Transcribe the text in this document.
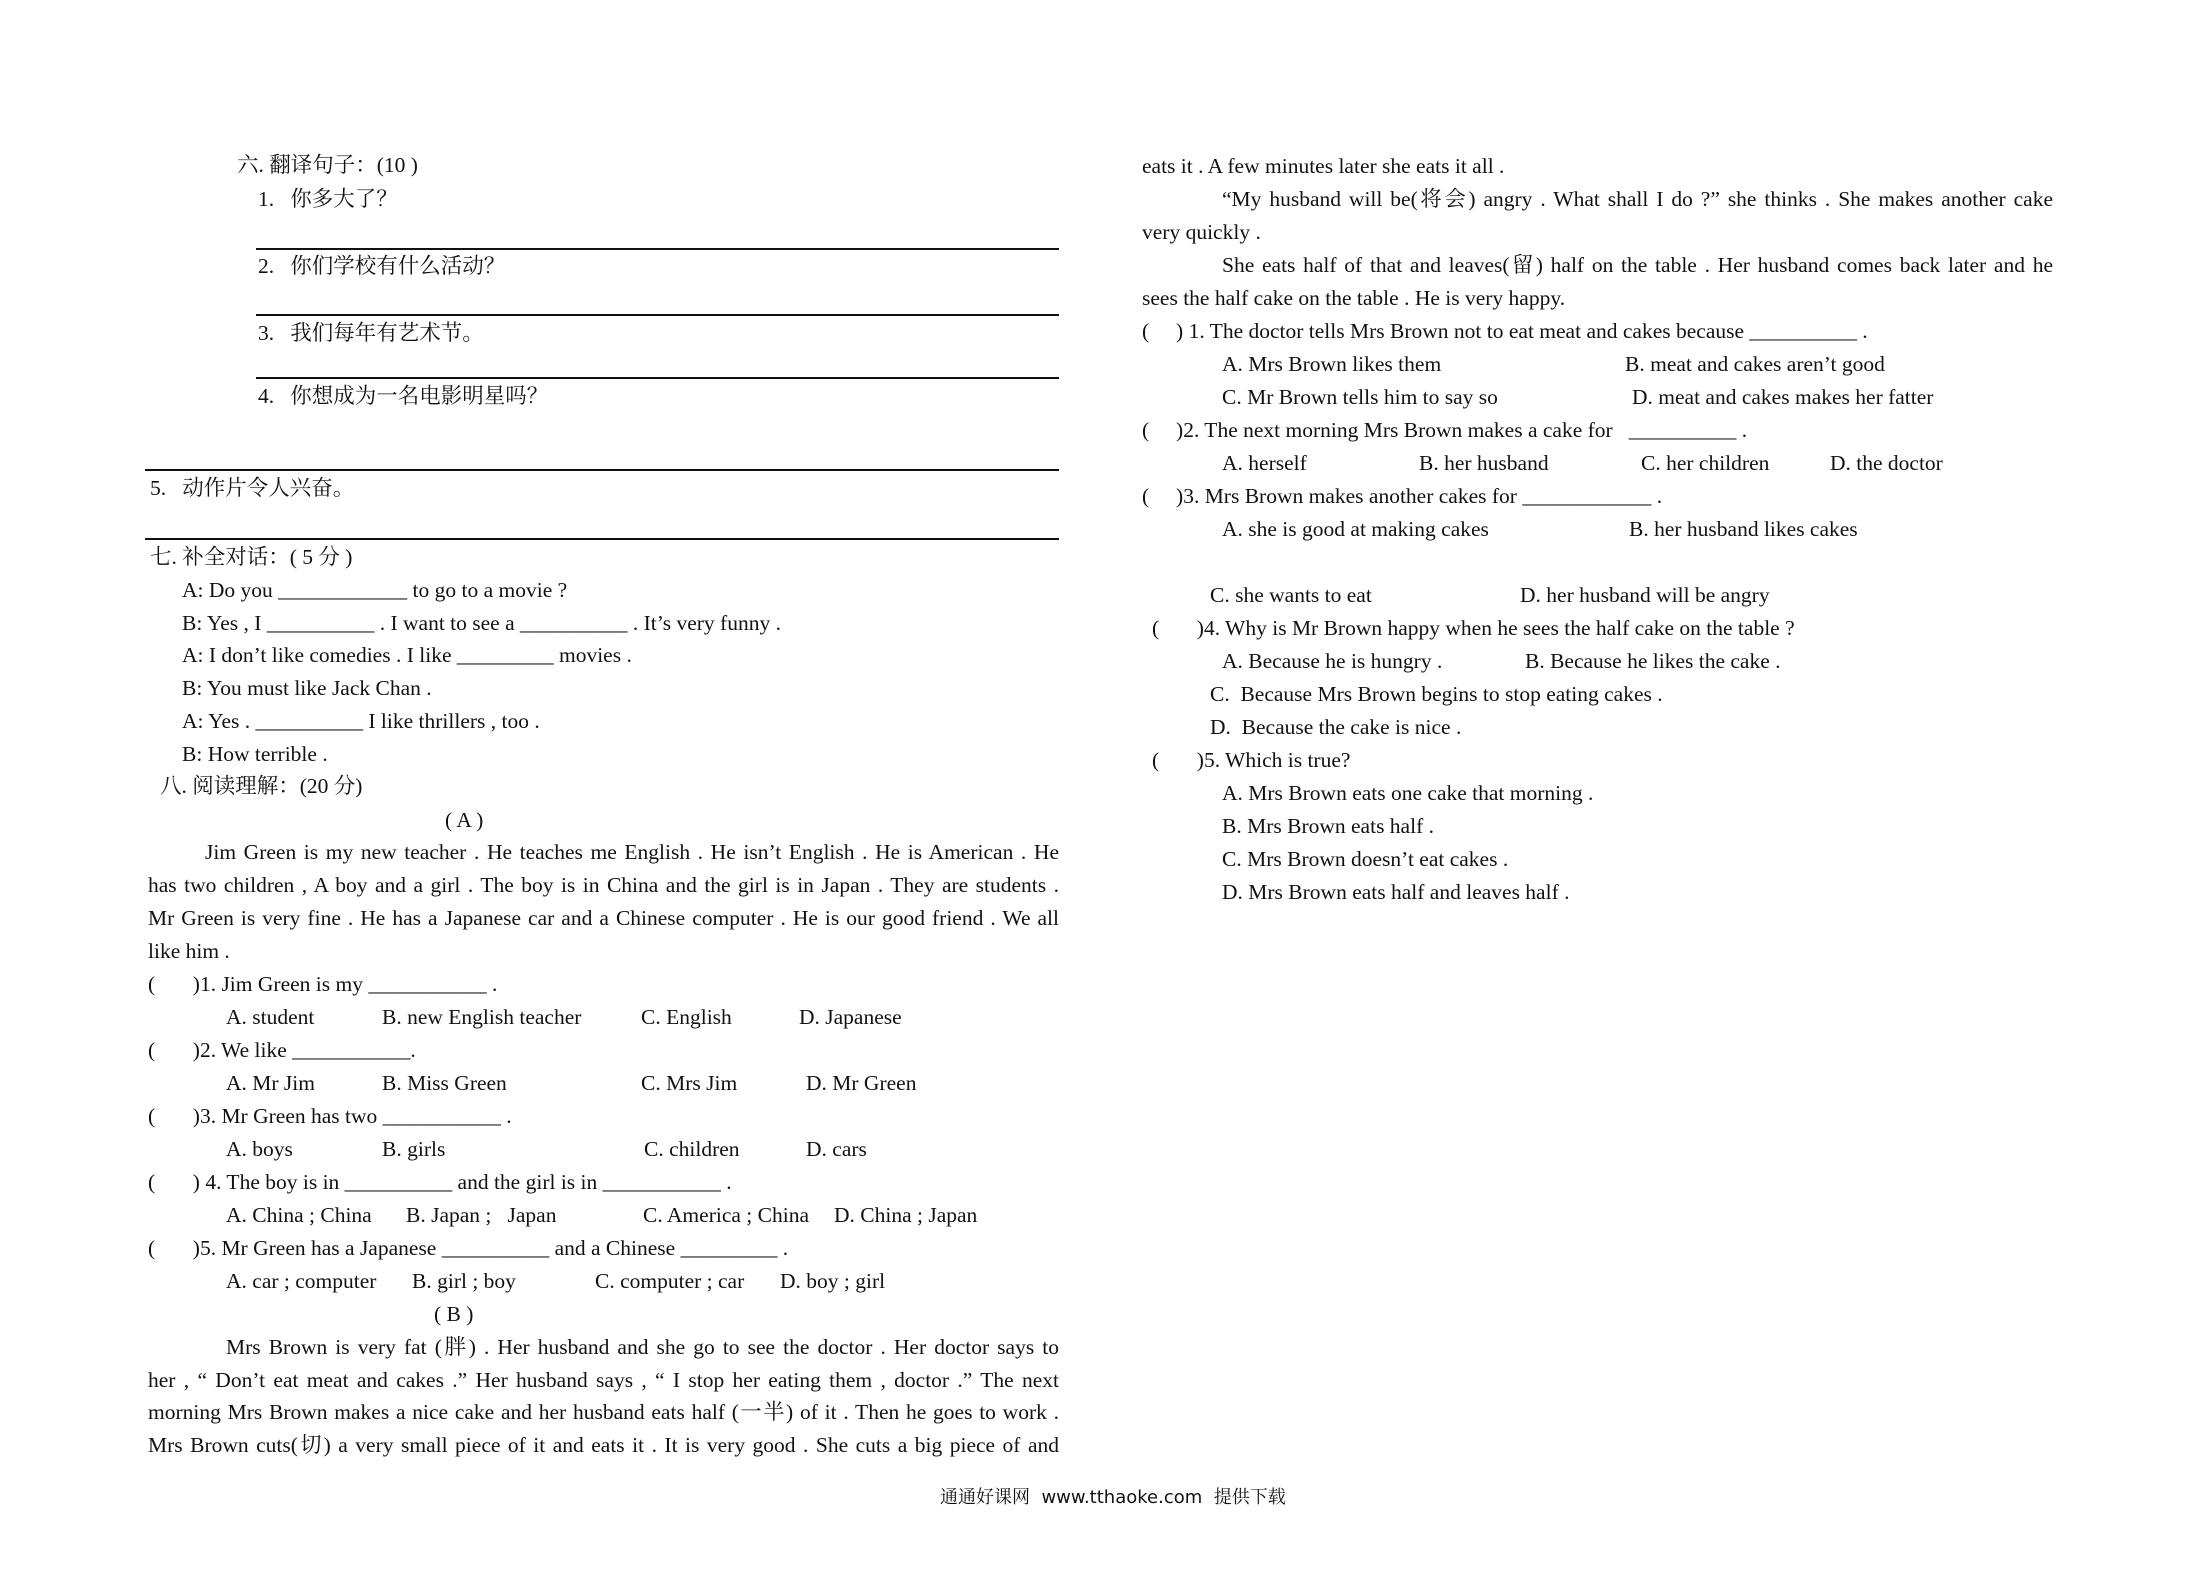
六. 翻译句子：(10 )
1.   你多大了？
2.   你们学校有什么活动？
3.   我们每年有艺术节。
4.   你想成为一名电影明星吗？
5.   动作片令人兴奋。
七. 补全对话：( 5 分 )
A: Do you ____________ to go to a movie ?
B: Yes , I __________ . I want to see a __________ . It’s very funny .
A: I don’t like comedies . I like _________ movies .
B: You must like Jack Chan .
A: Yes . __________ I like thrillers , too .
B: How terrible .
八. 阅读理解：(20 分)
( A )
Jim Green is my new teacher . He teaches me English . He isn’t English . He is American . He
has two children , A boy and a girl . The boy is in China and the girl is in Japan . They are students .
Mr Green is very fine . He has a Japanese car and a Chinese computer . He is our good friend . We all
like him .
(       )1. Jim Green is my ___________ .
A. student	B. new English teacher	C. English	D. Japanese
(       )2. We like ___________.
A. Mr Jim	B. Miss Green	C. Mrs Jim	D. Mr Green
(       )3. Mr Green has two ___________ .
A. boys	B. girls	C. children	D. cars
(       ) 4. The boy is in __________ and the girl is in ___________ .
A. China ; China B. Japan ;   Japan	C. America ; China D. China ; Japan
(       )5. Mr Green has a Japanese __________ and a Chinese _________ .
A. car ; computer B. girl ; boy	C. computer ; car D. boy ; girl
( B )
Mrs Brown is very fat (胖) . Her husband and she go to see the doctor . Her doctor says to
her , “ Don’t eat meat and cakes .” Her husband says , “ I stop her eating them , doctor .” The next
morning Mrs Brown makes a nice cake and her husband eats half (一半) of it . Then he goes to work .
Mrs Brown cuts(切) a very small piece of it and eats it . It is very good . She cuts a big piece of and
eats it . A few minutes later she eats it all .
“My husband will be(将会) angry . What shall I do ?” she thinks . She makes another cake
very quickly .
She eats half of that and leaves(留) half on the table . Her husband comes back later and he
sees the half cake on the table . He is very happy.
(     ) 1. The doctor tells Mrs Brown not to eat meat and cakes because __________ .
A. Mrs Brown likes them	B. meat and cakes aren’t good
C. Mr Brown tells him to say so	D. meat and cakes makes her fatter
(     )2. The next morning Mrs Brown makes a cake for   __________ .
A. herself	B. her husband	C. her children	D. the doctor
(     )3. Mrs Brown makes another cakes for ____________ .
A. she is good at making cakes	B. her husband likes cakes
C. she wants to eat	D. her husband will be angry
(       )4. Why is Mr Brown happy when he sees the half cake on the table ?
A. Because he is hungry .	B. Because he likes the cake .
C.  Because Mrs Brown begins to stop eating cakes .
D.  Because the cake is nice .
(       )5. Which is true?
A. Mrs Brown eats one cake that morning .
B. Mrs Brown eats half .
C. Mrs Brown doesn’t eat cakes .
D. Mrs Brown eats half and leaves half .
通通好课网  www.tthaoke.com  提供下载
